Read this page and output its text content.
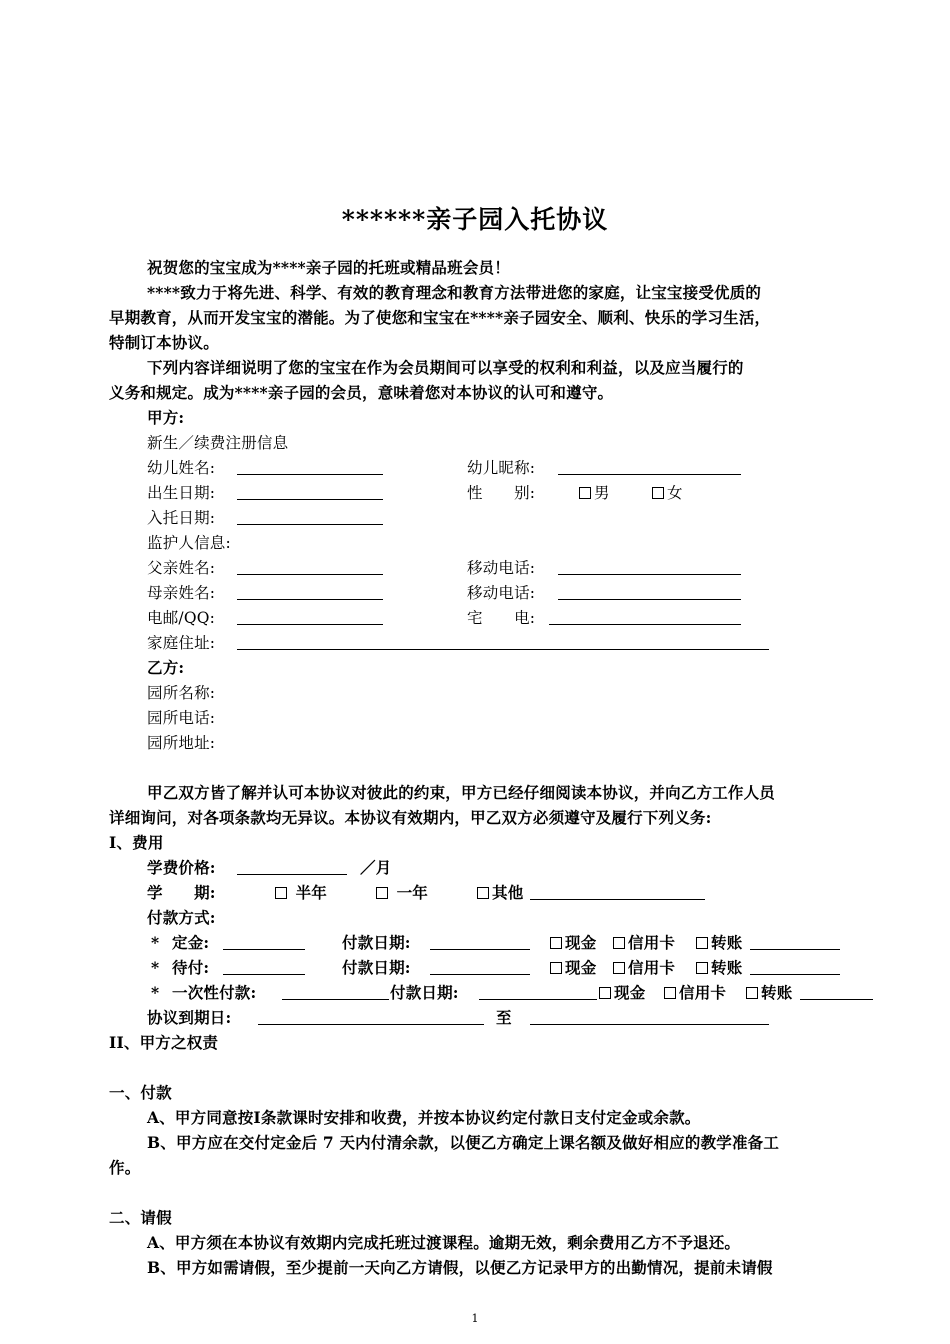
******亲子园入托协议
祝贺您的宝宝成为****亲子园的托班或精品班会员！
****致力于将先进、科学、有效的教育理念和教育方法带进您的家庭，让宝宝接受优质的
早期教育，从而开发宝宝的潜能。为了使您和宝宝在****亲子园安全、顺利、快乐的学习生活，
特制订本协议。
下列内容详细说明了您的宝宝在作为会员期间可以享受的权利和利益，以及应当履行的
义务和规定。成为****亲子园的会员，意味着您对本协议的认可和遵守。
甲方:
新生／续费注册信息
幼儿姓名:	幼儿昵称:
出生日期:	性　　别:	男	女
入托日期:
监护人信息:
父亲姓名:	移动电话:
母亲姓名:	移动电话:
电邮/QQ:	宅　　电:
家庭住址:
乙方:
园所名称:
园所电话:
园所地址:
甲乙双方皆了解并认可本协议对彼此的约束，甲方已经仔细阅读本协议，并向乙方工作人员
详细询问，对各项条款均无异议。本协议有效期内，甲乙双方必须遵守及履行下列义务:
I、费用
学费价格:	／月
学　　期:	半年	一年	其他
付款方式:
* 定金:	付款日期:	现金	信用卡	转账
* 待付:	付款日期:	现金	信用卡	转账
* 一次性付款:	付款日期:	现金	信用卡	转账
协议到期日:	至
II、甲方之权责
一、付款
A、甲方同意按Ⅰ条款课时安排和收费，并按本协议约定付款日支付定金或余款。
B、甲方应在交付定金后 7 天内付清余款，以便乙方确定上课名额及做好相应的教学准备工
作。
二、请假
A、甲方须在本协议有效期内完成托班过渡课程。逾期无效，剩余费用乙方不予退还。
B、甲方如需请假，至少提前一天向乙方请假，以便乙方记录甲方的出勤情况，提前未请假
1
